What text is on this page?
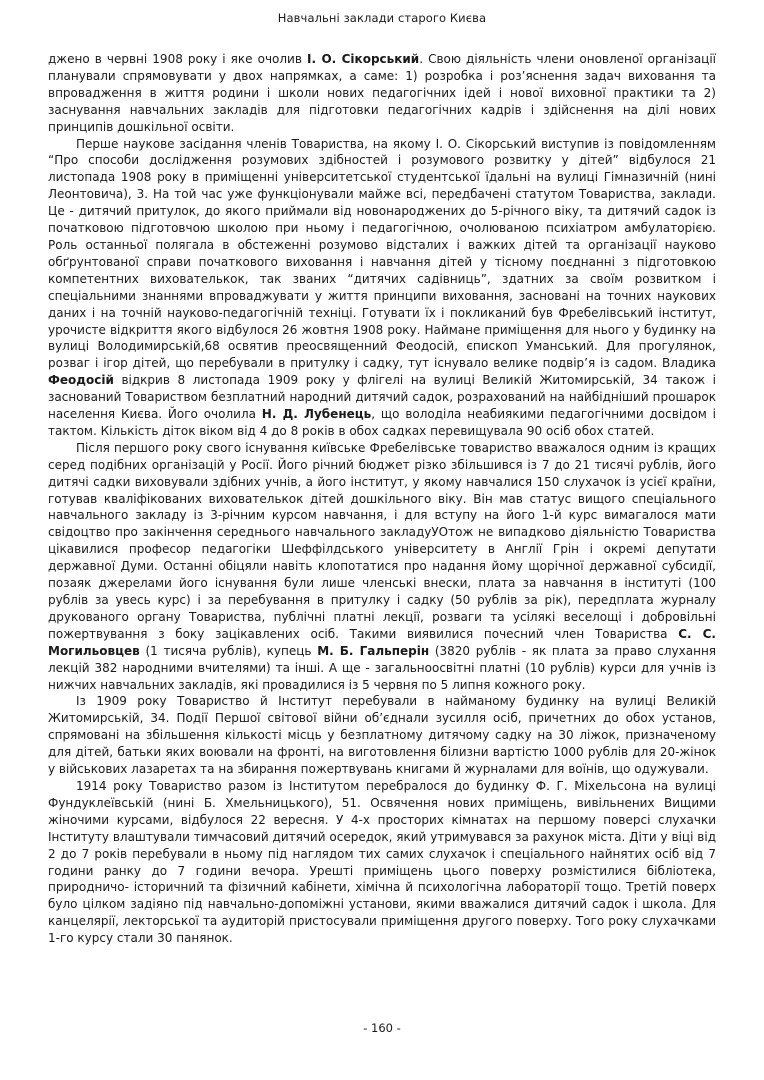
Навчальні заклади старого Києва

джено в червні 1908 року і яке очолив І. О. Сікорський. Свою діяльність члени оновленої організації планували спрямовувати у двох напрямках, а саме: 1) розробка і роз’яснення задач виховання та впровадження в життя родини і школи нових педагогічних ідей і нової виховної практики та 2) заснування навчальних закладів для підготовки педагогічних кадрів і здійснення на ділі нових принципів дошкільної освіти.

Перше наукове засідання членів Товариства, на якому І. О. Сікорський виступив із повідомленням “Про способи дослідження розумових здібностей і розумового розвитку у дітей” відбулося 21 листопада 1908 року в приміщенні університетської студентської їдальні на вулиці Гімназичній (нині Леонтовича), 3. На той час уже функціонували майже всі, передбачені статутом Товариства, заклади. Це - дитячий притулок, до якого приймали від новонароджених до 5-річного віку, та дитячий садок із початковою підготовчою школою при ньому і педагогічною, очолюваною психіатром амбулаторією. Роль останньої полягала в обстеженні розумово відсталих і важких дітей та організації науково обґрунтованої справи початкового виховання і навчання дітей у тісному поєднанні з підготовкою компетентних вихователькок, так званих “дитячих садівниць”, здатних за своїм розвитком і спеціальними знаннями впроваджувати у життя принципи виховання, засновані на точних наукових даних і на точній науково-педагогічній техніці. Готувати їх і покликаний був Фребелівський інститут, урочисте відкриття якого відбулося 26 жовтня 1908 року. Наймане приміщення для нього у будинку на вулиці Володимирській,68 освятив преосвященний Феодосій, єпископ Уманський. Для прогулянок, розваг і ігор дітей, що перебували в притулку і садку, тут існувало велике подвір’я із садом. Владика Феодосій відкрив 8 листопада 1909 року у флігелі на вулиці Великій Житомирській, 34 також і заснований Товариством безплатний народний дитячий садок, розрахований на найбідніший прошарок населення Києва. Його очолила Н. Д. Лубенець, що володіла неабиякими педагогічними досвідом і тактом. Кількість діток віком від 4 до 8 років в обох садках перевищувала 90 осіб обох статей.

Після першого року свого існування київське Фребелівське товариство вважалося одним із кращих серед подібних організацій у Росії. Його річний бюджет різко збільшився із 7 до 21 тисячі рублів, його дитячі садки виховували здібних учнів, а його інститут, у якому навчалися 150 слухачок із усієї країни, готував кваліфікованих вихователькок дітей дошкільного віку. Він мав статус вищого спеціального навчального закладу із 3-річним курсом навчання, і для вступу на його 1-й курс вимагалося мати свідоцтво про закінчення середнього навчального закладуУОтож не випадково діяльністю Товариства цікавилися професор педагогіки Шеффілдського університету в Англії Грін і окремі депутати державної Думи. Останні обіцяли навіть клопотатися про надання йому щорічної державної субсидії, позаяк джерелами його існування були лише членські внески, плата за навчання в інституті (100 рублів за увесь курс) і за перебування в притулку і садку (50 рублів за рік), передплата журналу друкованого органу Товариства, публічні платні лекції, розваги та усілякі веселощі і добровільні пожертвування з боку зацікавлених осіб. Такими виявилися почесний член Товариства С. С. Могильовцев (1 тисяча рублів), купець М. Б. Гальперін (3820 рублів - як плата за право слухання лекцій 382 народними вчителями) та інші. А ще - загальноосвітні платні (10 рублів) курси для учнів із нижчих навчальних закладів, які провадилися із 5 червня по 5 липня кожного року.

Із 1909 року Товариство й Інститут перебували в найманому будинку на вулиці Великій Житомирській, 34. Події Першої світової війни об’єднали зусилля осіб, причетних до обох установ, спрямовані на збільшення кількості місць у безплатному дитячому садку на 30 ліжок, призначеному для дітей, батьки яких воювали на фронті, на виготовлення білизни вартістю 1000 рублів для 20-жінок у військових лазаретах та на збирання пожертвувань книгами й журналами для воїнів, що одужували.

1914 року Товариство разом із Інститутом перебралося до будинку Ф. Г. Міхельсона на вулиці Фундуклеївській (нині Б. Хмельницького), 51. Освячення нових приміщень, вивільнених Вищими жіночими курсами, відбулося 22 вересня. У 4-х просторих кімнатах на першому поверсі слухачки Інституту влаштували тимчасовий дитячий осередок, який утримувався за рахунок міста. Діти у віці від 2 до 7 років перебували в ньому під наглядом тих самих слухачок і спеціального найнятих осіб від 7 години ранку до 7 години вечора. Урешті приміщень цього поверху розмістилися бібліотека, природничо- історичний та фізичний кабінети, хімічна й психологічна лабораторії тощо. Третій поверх було цілком задіяно під навчально-допоміжні установи, якими вважалися дитячий садок і школа. Для канцелярії, лекторської та аудиторій пристосували приміщення другого поверху. Того року слухачками 1-го курсу стали 30 панянок.

- 160 -
